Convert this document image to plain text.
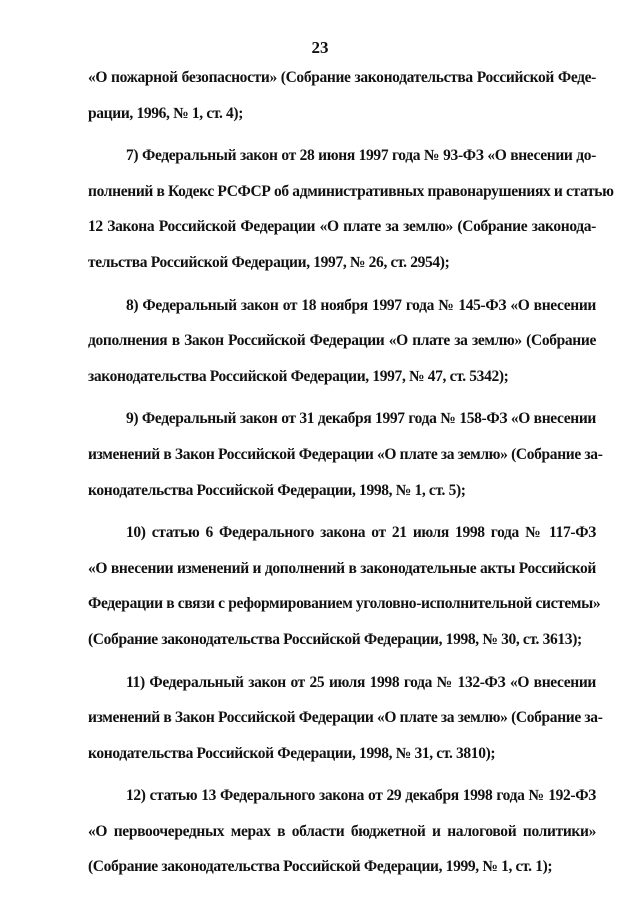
23
«О пожарной безопасности» (Собрание законодательства Российской Феде-
рации, 1996, № 1, ст. 4);
7) Федеральный закон от 28 июня 1997 года № 93-ФЗ «О внесении до-
полнений в Кодекс РСФСР об административных правонарушениях и статью
12 Закона Российской Федерации «О плате за землю» (Собрание законода-
тельства Российской Федерации, 1997, № 26, ст. 2954);
8) Федеральный закон от 18 ноября 1997 года № 145-ФЗ «О внесении
дополнения в Закон Российской Федерации «О плате за землю» (Собрание
законодательства Российской Федерации, 1997, № 47, ст. 5342);
9) Федеральный закон от 31 декабря 1997 года № 158-ФЗ «О внесении
изменений в Закон Российской Федерации «О плате за землю» (Собрание за-
конодательства Российской Федерации, 1998, № 1, ст. 5);
10) статью 6 Федерального закона от 21 июля 1998 года № 117-ФЗ
«О внесении изменений и дополнений в законодательные акты Российской
Федерации в связи с реформированием уголовно-исполнительной системы»
(Собрание законодательства Российской Федерации, 1998, № 30, ст. 3613);
11) Федеральный закон от 25 июля 1998 года № 132-ФЗ «О внесении
изменений в Закон Российской Федерации «О плате за землю» (Собрание за-
конодательства Российской Федерации, 1998, № 31, ст. 3810);
12) статью 13 Федерального закона от 29 декабря 1998 года № 192-ФЗ
«О первоочередных мерах в области бюджетной и налоговой политики»
(Собрание законодательства Российской Федерации, 1999, № 1, ст. 1);
